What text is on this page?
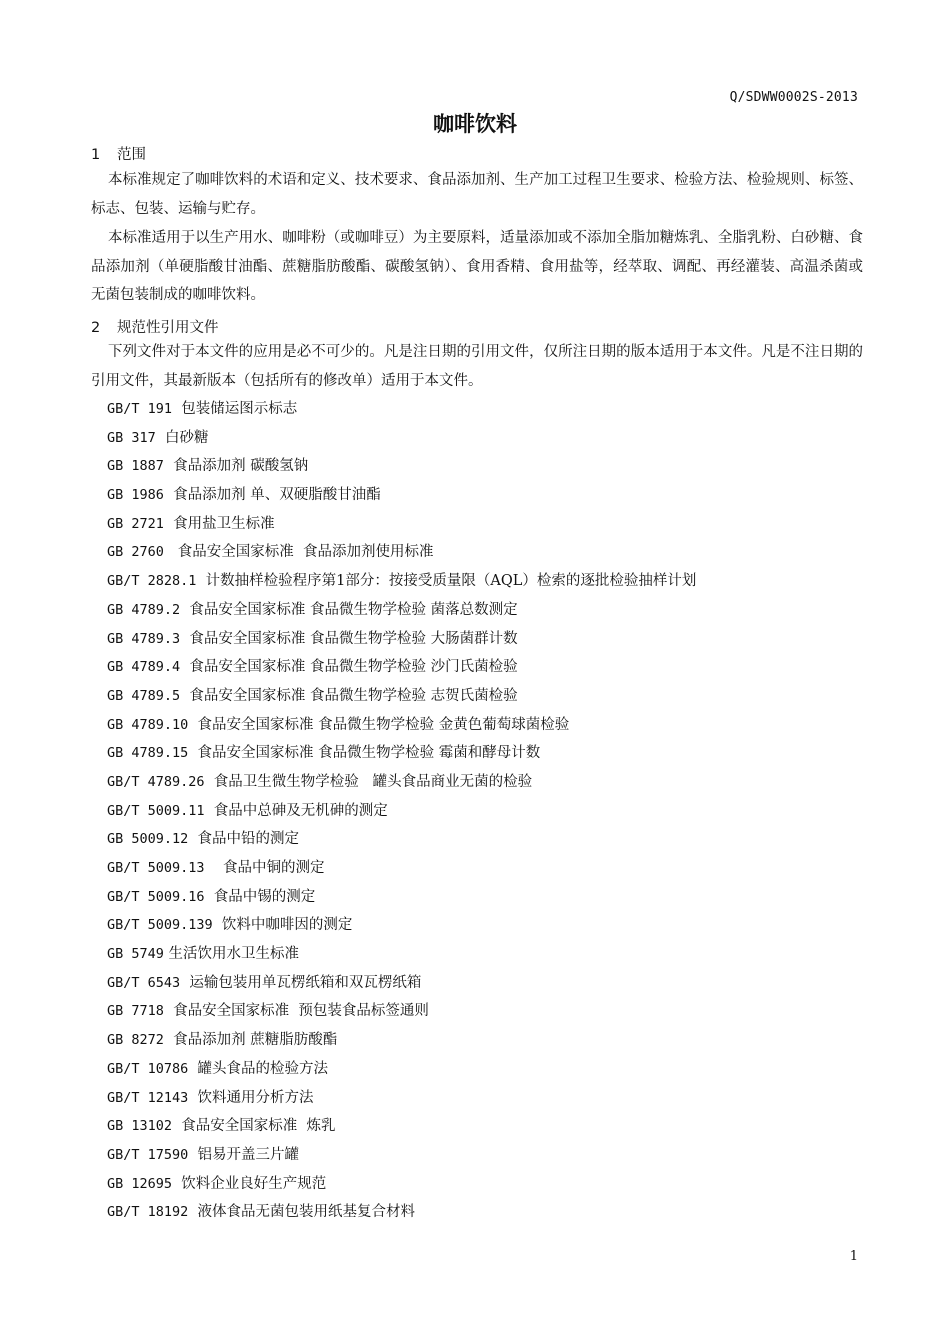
Q/SDWW0002S-2013
咖啡饮料
1 范围

本标准规定了咖啡饮料的术语和定义、技术要求、食品添加剂、生产加工过程卫生要求、检验方法、检验规则、标签、标志、包装、运输与贮存。

本标准适用于以生产用水、咖啡粉（或咖啡豆）为主要原料，适量添加或不添加全脂加糖炼乳、全脂乳粉、白砂糖、食品添加剂（单硬脂酸甘油酯、蔗糖脂肪酸酯、碳酸氢钠）、食用香精、食用盐等，经萃取、调配、再经灌装、高温杀菌或无菌包装制成的咖啡饮料。

2 规范性引用文件

下列文件对于本文件的应用是必不可少的。凡是注日期的引用文件，仅所注日期的版本适用于本文件。凡是不注日期的引用文件，其最新版本（包括所有的修改单）适用于本文件。

GB/T 191 包装储运图示标志
GB 317 白砂糖
GB 1887 食品添加剂 碳酸氢钠
GB 1986 食品添加剂 单、双硬脂酸甘油酯
GB 2721 食用盐卫生标准
GB 2760 食品安全国家标准  食品添加剂使用标准
GB/T 2828.1 计数抽样检验程序第1部分：按接受质量限（AQL）检索的逐批检验抽样计划
GB 4789.2 食品安全国家标准 食品微生物学检验 菌落总数测定
GB 4789.3 食品安全国家标准 食品微生物学检验 大肠菌群计数
GB 4789.4 食品安全国家标准 食品微生物学检验 沙门氏菌检验
GB 4789.5 食品安全国家标准 食品微生物学检验 志贺氏菌检验
GB 4789.10 食品安全国家标准 食品微生物学检验 金黄色葡萄球菌检验
GB 4789.15 食品安全国家标准 食品微生物学检验 霉菌和酵母计数
GB/T 4789.26 食品卫生微生物学检验   罐头食品商业无菌的检验
GB/T 5009.11 食品中总砷及无机砷的测定
GB 5009.12 食品中铅的测定
GB/T 5009.13 食品中铜的测定
GB/T 5009.16 食品中锡的测定
GB/T 5009.139 饮料中咖啡因的测定
GB 5749 生活饮用水卫生标准
GB/T 6543 运输包装用单瓦楞纸箱和双瓦楞纸箱
GB 7718 食品安全国家标准  预包装食品标签通则
GB 8272 食品添加剂 蔗糖脂肪酸酯
GB/T 10786 罐头食品的检验方法
GB/T 12143 饮料通用分析方法
GB 13102 食品安全国家标准  炼乳
GB/T 17590 铝易开盖三片罐
GB 12695 饮料企业良好生产规范
GB/T 18192 液体食品无菌包装用纸基复合材料
1
